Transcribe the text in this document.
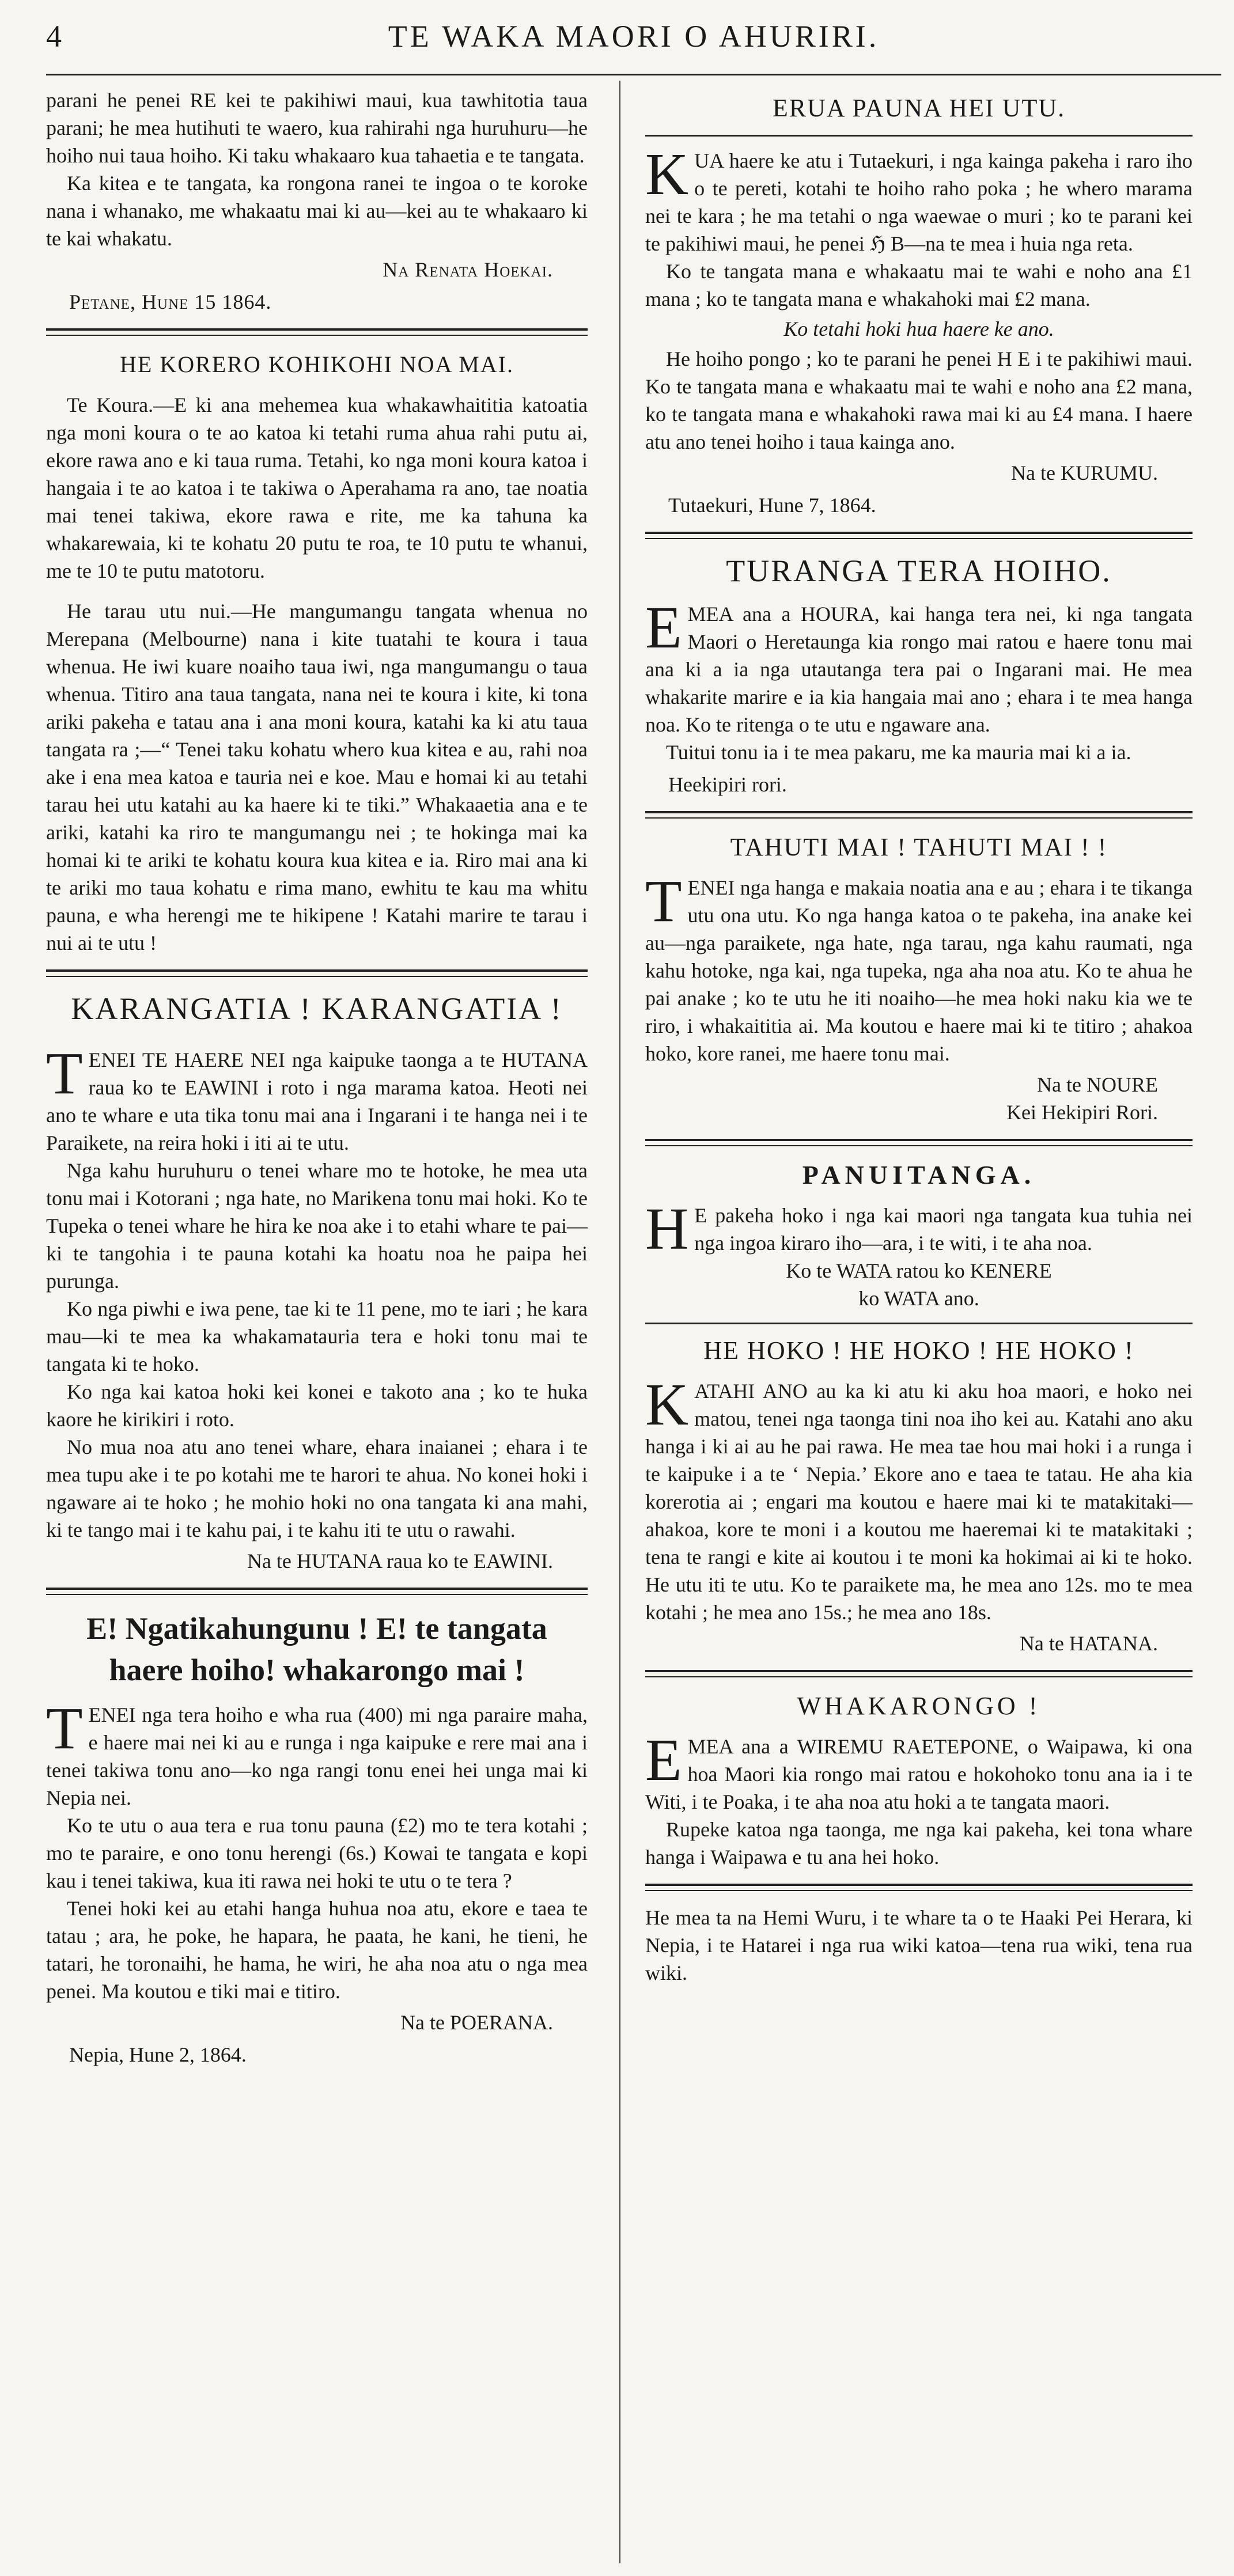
4	TE WAKA MAORI O AHURIRI.

parani he penei RE kei te pakihiwi maui, kua tawhitotia taua parani; he mea hutihuti te waero, kua rahirahi nga huruhuru—he hoiho nui taua hoiho. Ki taku whakaaro kua tahaetia e te tangata.

Ka kitea e te tangata, ka rongona ranei te ingoa o te koroke nana i whanako, me whakaatu mai ki au—kei au te whakaaro ki te kai whakatu.

Na Renata Hoekai.

Petane, Hune 15 1864.

HE KORERO KOHIKOHI NOA MAI.

Te Koura.—E ki ana mehemea kua whakawhaititia katoatia nga moni koura o te ao katoa ki tetahi ruma ahua rahi putu ai, ekore rawa ano e ki taua ruma. Tetahi, ko nga moni koura katoa i hangaia i te ao katoa i te takiwa o Aperahama ra ano, tae noatia mai tenei takiwa, ekore rawa e rite, me ka tahuna ka whakarewaia, ki te kohatu 20 putu te roa, te 10 putu te whanui, me te 10 te putu matotoru.

He tarau utu nui.—He mangumangu tangata whenua no Merepana (Melbourne) nana i kite tuatahi te koura i taua whenua. He iwi kuare noaiho taua iwi, nga mangumangu o taua whenua. Titiro ana taua tangata, nana nei te koura i kite, ki tona ariki pakeha e tatau ana i ana moni koura, katahi ka ki atu taua tangata ra ;—“ Tenei taku kohatu whero kua kitea e au, rahi noa ake i ena mea katoa e tauria nei e koe. Mau e homai ki au tetahi tarau hei utu katahi au ka haere ki te tiki.” Whakaaetia ana e te ariki, katahi ka riro te mangumangu nei ; te hokinga mai ka homai ki te ariki te kohatu koura kua kitea e ia. Riro mai ana ki te ariki mo taua kohatu e rima mano, ewhitu te kau ma whitu pauna, e wha herengi me te hikipene ! Katahi marire te tarau i nui ai te utu !

KARANGATIA ! KARANGATIA !
T ENEI TE HAERE NEI nga kaipuke taonga a te HUTANA raua ko te EAWINI i roto i nga marama katoa. Heoti nei ano te whare e uta tika tonu mai ana i Ingarani i te hanga nei i te Paraikete, na reira hoki i iti ai te utu.

Nga kahu huruhuru o tenei whare mo te hotoke, he mea uta tonu mai i Kotorani ; nga hate, no Marikena tonu mai hoki. Ko te Tupeka o tenei whare he hira ke noa ake i to etahi whare te pai—ki te tangohia i te pauna kotahi ka hoatu noa he paipa hei purunga.

Ko nga piwhi e iwa pene, tae ki te 11 pene, mo te iari ; he kara mau—ki te mea ka whakamatauria tera e hoki tonu mai te tangata ki te hoko.

Ko nga kai katoa hoki kei konei e takoto ana ; ko te huka kaore he kirikiri i roto.

No mua noa atu ano tenei whare, ehara inaianei ; ehara i te mea tupu ake i te po kotahi me te harori te ahua. No konei hoki i ngaware ai te hoko ; he mohio hoki no ona tangata ki ana mahi, ki te tango mai i te kahu pai, i te kahu iti te utu o rawahi.

Na te HUTANA raua ko te EAWINI.

E! Ngatikahungunu ! E! te tangata haere hoiho! whakarongo mai !
T ENEI nga tera hoiho e wha rua (400) mi nga paraire maha, e haere mai nei ki au e runga i nga kaipuke e rere mai ana i tenei takiwa tonu ano—ko nga rangi tonu enei hei unga mai ki Nepia nei.

Ko te utu o aua tera e rua tonu pauna (£2) mo te tera kotahi ; mo te paraire, e ono tonu herengi (6s.) Kowai te tangata e kopi kau i tenei takiwa, kua iti rawa nei hoki te utu o te tera ?

Tenei hoki kei au etahi hanga huhua noa atu, ekore e taea te tatau ; ara, he poke, he hapara, he paata, he kani, he tieni, he tatari, he toronaihi, he hama, he wiri, he aha noa atu o nga mea penei. Ma koutou e tiki mai e titiro.

Na te POERANA.

Nepia, Hune 2, 1864.

ERUA PAUNA HEI UTU.
K UA haere ke atu i Tutaekuri, i nga kainga pakeha i raro iho o te pereti, kotahi te hoiho raho poka ; he whero marama nei te kara ; he ma tetahi o nga waewae o muri ; ko te parani kei te pakihiwi maui, he penei ℌ B—na te mea i huia nga reta.

Ko te tangata mana e whakaatu mai te wahi e noho ana £1 mana ; ko te tangata mana e whakahoki mai £2 mana.

Ko tetahi hoki hua haere ke ano.

He hoiho pongo ; ko te parani he penei H E i te pakihiwi maui. Ko te tangata mana e whakaatu mai te wahi e noho ana £2 mana, ko te tangata mana e whakahoki rawa mai ki au £4 mana. I haere atu ano tenei hoiho i taua kainga ano.

Na te KURUMU.

Tutaekuri, Hune 7, 1864.

TURANGA TERA HOIHO.
E MEA ana a HOURA, kai hanga tera nei, ki nga tangata Maori o Heretaunga kia rongo mai ratou e haere tonu mai ana ki a ia nga utautanga tera pai o Ingarani mai. He mea whakarite marire e ia kia hangaia mai ano ; ehara i te mea hanga noa. Ko te ritenga o te utu e ngaware ana.

Tuitui tonu ia i te mea pakaru, me ka mauria mai ki a ia.

Heekipiri rori.

TAHUTI MAI ! TAHUTI MAI ! !
T ENEI nga hanga e makaia noatia ana e au ; ehara i te tikanga utu ona utu. Ko nga hanga katoa o te pakeha, ina anake kei au—nga paraikete, nga hate, nga tarau, nga kahu raumati, nga kahu hotoke, nga kai, nga tupeka, nga aha noa atu. Ko te ahua he pai anake ; ko te utu he iti noaiho—he mea hoki naku kia we te riro, i whakaititia ai. Ma koutou e haere mai ki te titiro ; ahakoa hoko, kore ranei, me haere tonu mai.

Na te NOURE

Kei Hekipiri Rori.

PANUITANGA.
H E pakeha hoko i nga kai maori nga tangata kua tuhia nei nga ingoa kiraro iho—ara, i te witi, i te aha noa.

Ko te WATA ratou ko KENERE

ko WATA ano.

HE HOKO ! HE HOKO ! HE HOKO !
K ATAHI ANO au ka ki atu ki aku hoa maori, e hoko nei matou, tenei nga taonga tini noa iho kei au. Katahi ano aku hanga i ki ai au he pai rawa. He mea tae hou mai hoki i a runga i te kaipuke i a te ‘ Nepia.’ Ekore ano e taea te tatau. He aha kia korerotia ai ; engari ma koutou e haere mai ki te matakitaki—ahakoa, kore te moni i a koutou me haeremai ki te matakitaki ; tena te rangi e kite ai koutou i te moni ka hokimai ai ki te hoko. He utu iti te utu. Ko te paraikete ma, he mea ano 12s. mo te mea kotahi ; he mea ano 15s.; he mea ano 18s.

Na te HATANA.

WHAKARONGO !
E MEA ana a WIREMU RAETEPONE, o Waipawa, ki ona hoa Maori kia rongo mai ratou e hokohoko tonu ana ia i te Witi, i te Poaka, i te aha noa atu hoki a te tangata maori.

Rupeke katoa nga taonga, me nga kai pakeha, kei tona whare hanga i Waipawa e tu ana hei hoko.

He mea ta na Hemi Wuru, i te whare ta o te Haaki Pei Herara, ki Nepia, i te Hatarei i nga rua wiki katoa—tena rua wiki, tena rua wiki.
